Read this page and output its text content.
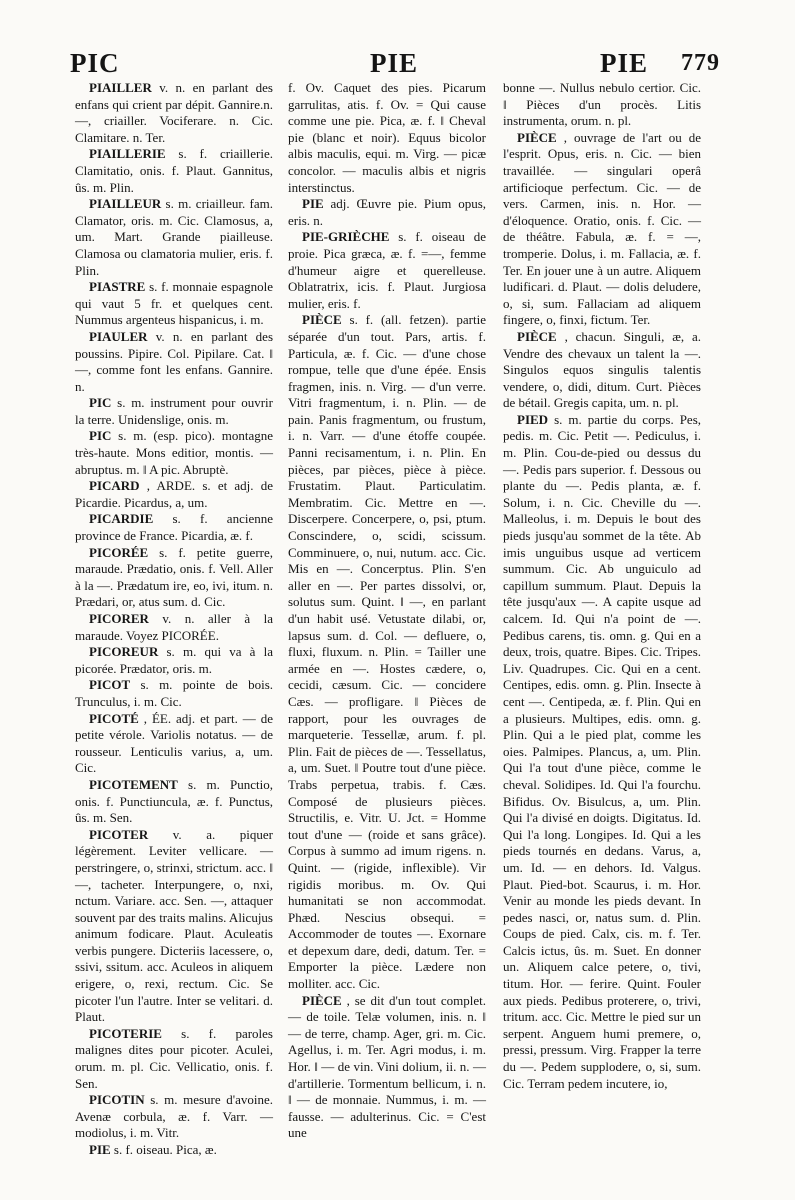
PIC	PIE	PIE 779

PIAILLER v. n. en parlant des enfans qui crient par dépit. Gannire.n.—, criailler. Vociferare. n. Cic. Clamitare. n. Ter.

PIAILLERIE s. f. criaillerie. Clamitatio, onis. f. Plaut. Gannitus, ûs. m. Plin.

PIAILLEUR s. m. criailleur. fam. Clamator, oris. m. Cic. Clamosus, a, um. Mart. Grande piailleuse. Clamosa ou clamatoria mulier, eris. f. Plin.

PIASTRE s. f. monnaie espagnole qui vaut 5 fr. et quelques cent. Nummus argenteus hispanicus, i. m.

PIAULER v. n. en parlant des poussins. Pipire. Col. Pipilare. Cat. ‖ —, comme font les enfans. Gannire. n.

PIC s. m. instrument pour ouvrir la terre. Unidenslige, onis. m.

PIC s. m. (esp. pico). montagne très-haute. Mons editior, montis. — abruptus. m. ‖ A pic. Abruptè.

PICARD , ARDE. s. et adj. de Picardie. Picardus, a, um.

PICARDIE s. f. ancienne province de France. Picardia, æ. f.

PICORÉE s. f. petite guerre, maraude. Prædatio, onis. f. Vell. Aller à la —. Prædatum ire, eo, ivi, itum. n. Prædari, or, atus sum. d. Cic.

PICORER v. n. aller à la maraude. Voyez PICORÉE.

PICOREUR s. m. qui va à la picorée. Prædator, oris. m.

PICOT s. m. pointe de bois. Trunculus, i. m. Cic.

PICOTÉ , ÉE. adj. et part. — de petite vérole. Variolis notatus. — de rousseur. Lenticulis varius, a, um. Cic.

PICOTEMENT s. m. Punctio, onis. f. Punctiuncula, æ. f. Punctus, ûs. m. Sen.

PICOTER v. a. piquer légèrement. Leviter vellicare. — perstringere, o, strinxi, strictum. acc. ‖ —, tacheter. Interpungere, o, nxi, nctum. Variare. acc. Sen. —, attaquer souvent par des traits malins. Alicujus animum fodicare. Plaut. Aculeatis verbis pungere. Dicteriis lacessere, o, ssivi, ssitum. acc. Aculeos in aliquem erigere, o, rexi, rectum. Cic. Se picoter l'un l'autre. Inter se velitari. d. Plaut.

PICOTERIE s. f. paroles malignes dites pour picoter. Aculei, orum. m. pl. Cic. Vellicatio, onis. f. Sen.

PICOTIN s. m. mesure d'avoine. Avenæ corbula, æ. f. Varr. — modiolus, i. m. Vitr.

PIE s. f. oiseau. Pica, æ.

f. Ov. Caquet des pies. Picarum garrulitas, atis. f. Ov. = Qui cause comme une pie. Pica, æ. f. ‖ Cheval pie (blanc et noir). Equus bicolor albis maculis, equi. m. Virg. — picæ concolor. — maculis albis et nigris interstinctus.

PIE adj. Œuvre pie. Pium opus, eris. n.

PIE-GRIÈCHE s. f. oiseau de proie. Pica græca, æ. f. =—, femme d'humeur aigre et querelleuse. Oblatratrix, icis. f. Plaut. Jurgiosa mulier, eris. f.

PIÈCE s. f. (all. fetzen). partie séparée d'un tout. Pars, artis. f. Particula, æ. f. Cic. — d'une chose rompue, telle que d'une épée. Ensis fragmen, inis. n. Virg. — d'un verre. Vitri fragmentum, i. n. Plin. — de pain. Panis fragmentum, ou frustum, i. n. Varr. — d'une étoffe coupée. Panni recisamentum, i. n. Plin. En pièces, par pièces, pièce à pièce. Frustatim. Plaut. Particulatim. Membratim. Cic. Mettre en —. Discerpere. Concerpere, o, psi, ptum. Conscindere, o, scidi, scissum. Comminuere, o, nui, nutum. acc. Cic. Mis en —. Concerptus. Plin. S'en aller en —. Per partes dissolvi, or, solutus sum. Quint. ‖ —, en parlant d'un habit usé. Vetustate dilabi, or, lapsus sum. d. Col. — defluere, o, fluxi, fluxum. n. Plin. = Tailler une armée en —. Hostes cædere, o, cecidi, cæsum. Cic. — concidere Cæs. — profligare. ‖ Pièces de rapport, pour les ouvrages de marqueterie. Tessellæ, arum. f. pl. Plin. Fait de pièces de —. Tessellatus, a, um. Suet. ‖ Poutre tout d'une pièce. Trabs perpetua, trabis. f. Cæs. Composé de plusieurs pièces. Structilis, e. Vitr. U. Jct. = Homme tout d'une — (roide et sans grâce). Corpus à summo ad imum rigens. n. Quint. — (rigide, inflexible). Vir rigidis moribus. m. Ov. Qui humanitati se non accommodat. Phæd. Nescius obsequi. = Accommoder de toutes —. Exornare et depexum dare, dedi, datum. Ter. = Emporter la pièce. Lædere non molliter. acc. Cic.

PIÈCE , se dit d'un tout complet. — de toile. Telæ volumen, inis. n. ‖ — de terre, champ. Ager, gri. m. Cic. Agellus, i. m. Ter. Agri modus, i. m. Hor. ‖ — de vin. Vini dolium, ii. n. — d'artillerie. Tormentum bellicum, i. n. ‖ — de monnaie. Nummus, i. m. — fausse. — adulterinus. Cic. = C'est une

bonne —. Nullus nebulo certior. Cic. ‖ Pièces d'un procès. Litis instrumenta, orum. n. pl.

PIÈCE , ouvrage de l'art ou de l'esprit. Opus, eris. n. Cic. — bien travaillée. — singulari operâ artificioque perfectum. Cic. — de vers. Carmen, inis. n. Hor. — d'éloquence. Oratio, onis. f. Cic. — de théâtre. Fabula, æ. f. = —, tromperie. Dolus, i. m. Fallacia, æ. f. Ter. En jouer une à un autre. Aliquem ludificari. d. Plaut. — dolis deludere, o, si, sum. Fallaciam ad aliquem fingere, o, finxi, fictum. Ter.

PIÈCE , chacun. Singuli, æ, a. Vendre des chevaux un talent la —. Singulos equos singulis talentis vendere, o, didi, ditum. Curt. Pièces de bétail. Gregis capita, um. n. pl.

PIED s. m. partie du corps. Pes, pedis. m. Cic. Petit —. Pediculus, i. m. Plin. Cou-de-pied ou dessus du —. Pedis pars superior. f. Dessous ou plante du —. Pedis planta, æ. f. Solum, i. n. Cic. Cheville du —. Malleolus, i. m. Depuis le bout des pieds jusqu'au sommet de la tête. Ab imis unguibus usque ad verticem summum. Cic. Ab unguiculo ad capillum summum. Plaut. Depuis la tête jusqu'aux —. A capite usque ad calcem. Id. Qui n'a point de —. Pedibus carens, tis. omn. g. Qui en a deux, trois, quatre. Bipes. Cic. Tripes. Liv. Quadrupes. Cic. Qui en a cent. Centipes, edis. omn. g. Plin. Insecte à cent —. Centipeda, æ. f. Plin. Qui en a plusieurs. Multipes, edis. omn. g. Plin. Qui a le pied plat, comme les oies. Palmipes. Plancus, a, um. Plin. Qui l'a tout d'une pièce, comme le cheval. Solidipes. Id. Qui l'a fourchu. Bifidus. Ov. Bisulcus, a, um. Plin. Qui l'a divisé en doigts. Digitatus. Id. Qui l'a long. Longipes. Id. Qui a les pieds tournés en dedans. Varus, a, um. Id. — en dehors. Id. Valgus. Plaut. Pied-bot. Scaurus, i. m. Hor. Venir au monde les pieds devant. In pedes nasci, or, natus sum. d. Plin. Coups de pied. Calx, cis. m. f. Ter. Calcis ictus, ûs. m. Suet. En donner un. Aliquem calce petere, o, tivi, titum. Hor. — ferire. Quint. Fouler aux pieds. Pedibus proterere, o, trivi, tritum. acc. Cic. Mettre le pied sur un serpent. Anguem humi premere, o, pressi, pressum. Virg. Frapper la terre du —. Pedem supplodere, o, si, sum. Cic. Terram pedem incutere, io,
